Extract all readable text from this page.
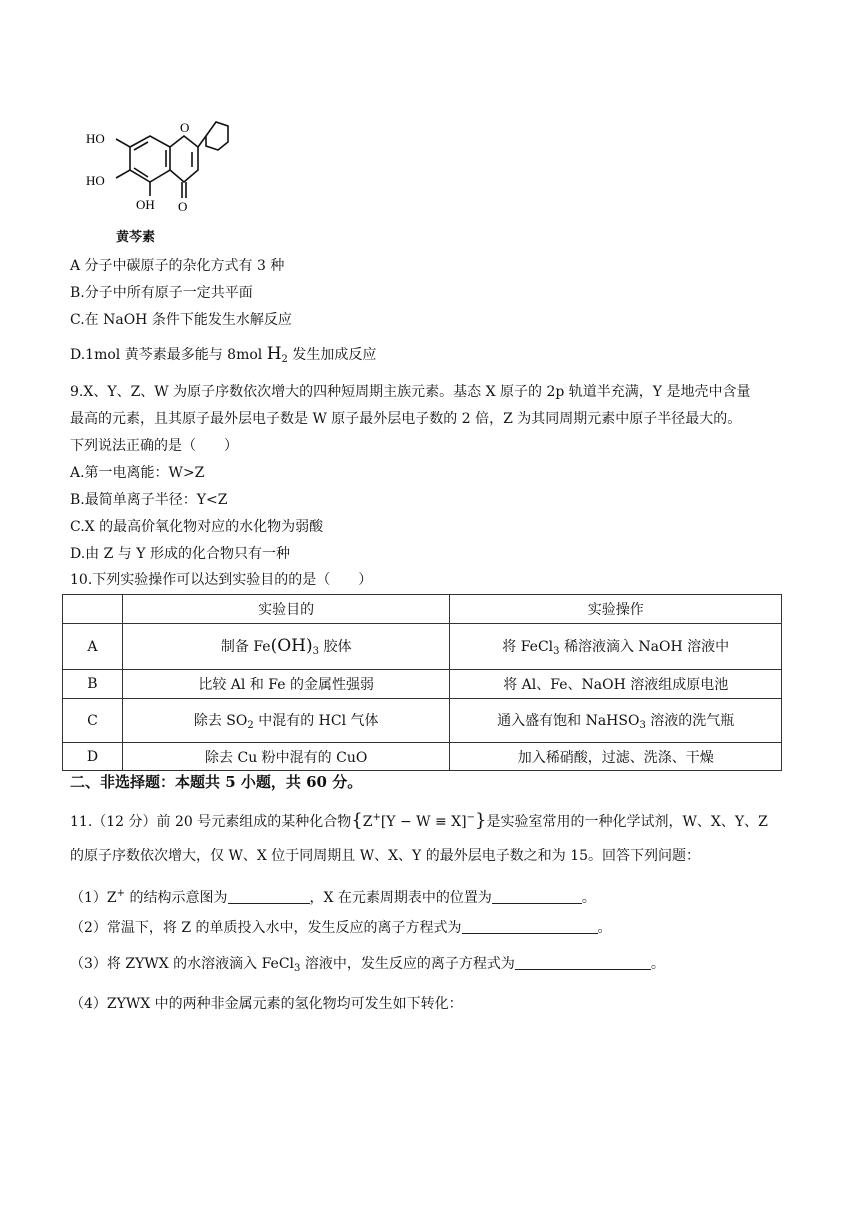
HO
HO
OH
O
O
黄芩素
A 分子中碳原子的杂化方式有 3 种
B.分子中所有原子一定共平面
C.在 NaOH 条件下能发生水解反应
D.1mol 黄芩素最多能与 8mol $H_2$ 发生加成反应
9.X、Y、Z、W 为原子序数依次增大的四种短周期主族元素。基态 X 原子的 2p 轨道半充满，Y 是地壳中含量
最高的元素，且其原子最外层电子数是 W 原子最外层电子数的 2 倍，Z 为其同周期元素中原子半径最大的。
下列说法正确的是（　　）
A.第一电离能：W>Z
B.最简单离子半径：Y<Z
C.X 的最高价氧化物对应的水化物为弱酸
D.由 Z 与 Y 形成的化合物只有一种
10.下列实验操作可以达到实验目的的是（　　）
	实验目的	实验操作
A	制备 $Fe(OH)_3$ 胶体	将 FeCl$_3$ 稀溶液滴入 NaOH 溶液中
B	比较 Al 和 Fe 的金属性强弱	将 Al、Fe、NaOH 溶液组成原电池
C	除去 $SO_2$ 中混有的 HCl 气体	通入盛有饱和 NaHSO$_3$ 溶液的洗气瓶
D	除去 Cu 粉中混有的 CuO	加入稀硝酸，过滤、洗涤、干燥
二、非选择题：本题共 5 小题，共 60 分。
11.（12 分）前 20 号元素组成的某种化合物{Z+[Y − W ≡ X]−}是实验室常用的一种化学试剂，W、X、Y、Z
的原子序数依次增大，仅 W、X 位于同周期且 W、X、Y 的最外层电子数之和为 15。回答下列问题：
（1）Z+ 的结构示意图为	，X 在元素周期表中的位置为	。
（2）常温下，将 Z 的单质投入水中，发生反应的离子方程式为	。
（3）将 ZYWX 的水溶液滴入 FeCl$_3$ 溶液中，发生反应的离子方程式为	。
（4）ZYWX 中的两种非金属元素的氢化物均可发生如下转化：
